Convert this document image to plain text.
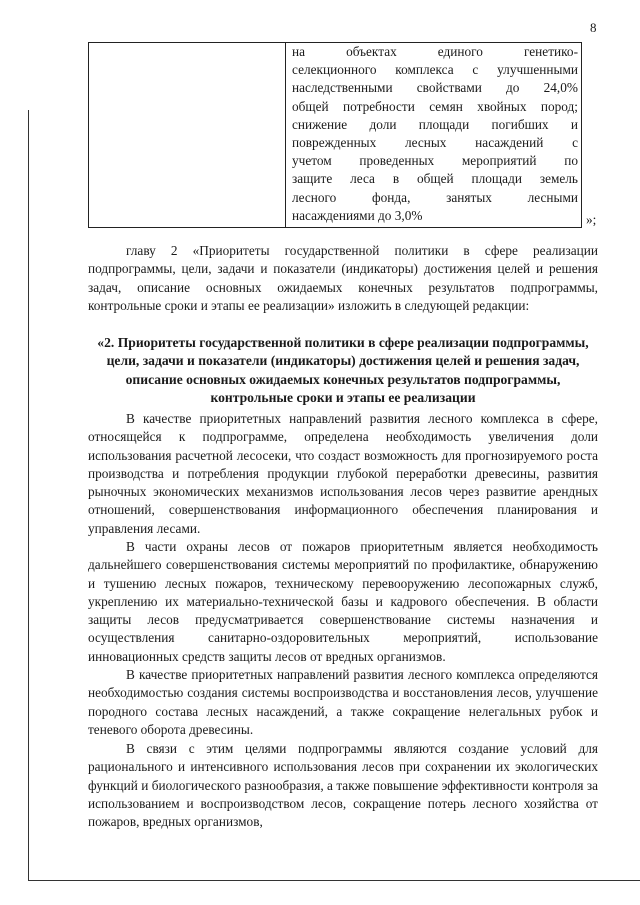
8
на объектах единого генетико-
селекционного комплекса с улучшенными
наследственными свойствами до 24,0%
общей потребности семян хвойных пород;
снижение доли площади погибших и
поврежденных лесных насаждений с
учетом проведенных мероприятий по
защите леса в общей площади земель
лесного фонда, занятых лесными
насаждениями до 3,0%	»;
главу 2 «Приоритеты государственной политики в сфере реализации подпрограммы, цели, задачи и показатели (индикаторы) достижения целей и решения задач, описание основных ожидаемых конечных результатов подпрограммы, контрольные сроки и этапы ее реализации» изложить в следующей редакции:
«2. Приоритеты государственной политики в сфере реализации подпрограммы, цели, задачи и показатели (индикаторы) достижения целей и решения задач, описание основных ожидаемых конечных результатов подпрограммы, контрольные сроки и этапы ее реализации
В качестве приоритетных направлений развития лесного комплекса в сфере, относящейся к подпрограмме, определена необходимость увеличения доли использования расчетной лесосеки, что создаст возможность для прогнозируемого роста производства и потребления продукции глубокой переработки древесины, развития рыночных экономических механизмов использования лесов через развитие арендных отношений, совершенствования информационного обеспечения планирования и управления лесами.
В части охраны лесов от пожаров приоритетным является необходимость дальнейшего совершенствования системы мероприятий по профилактике, обнаружению и тушению лесных пожаров, техническому перевооружению лесопожарных служб, укреплению их материально-технической базы и кадрового обеспечения. В области защиты лесов предусматривается совершенствование системы назначения и осуществления санитарно-оздоровительных мероприятий, использование инновационных средств защиты лесов от вредных организмов.
В качестве приоритетных направлений развития лесного комплекса определяются необходимостью создания системы воспроизводства и восстановления лесов, улучшение породного состава лесных насаждений, а также сокращение нелегальных рубок и теневого оборота древесины.
В связи с этим целями подпрограммы являются создание условий для рационального и интенсивного использования лесов при сохранении их экологических функций и биологического разнообразия, а также повышение эффективности контроля за использованием и воспроизводством лесов, сокращение потерь лесного хозяйства от пожаров, вредных организмов,
